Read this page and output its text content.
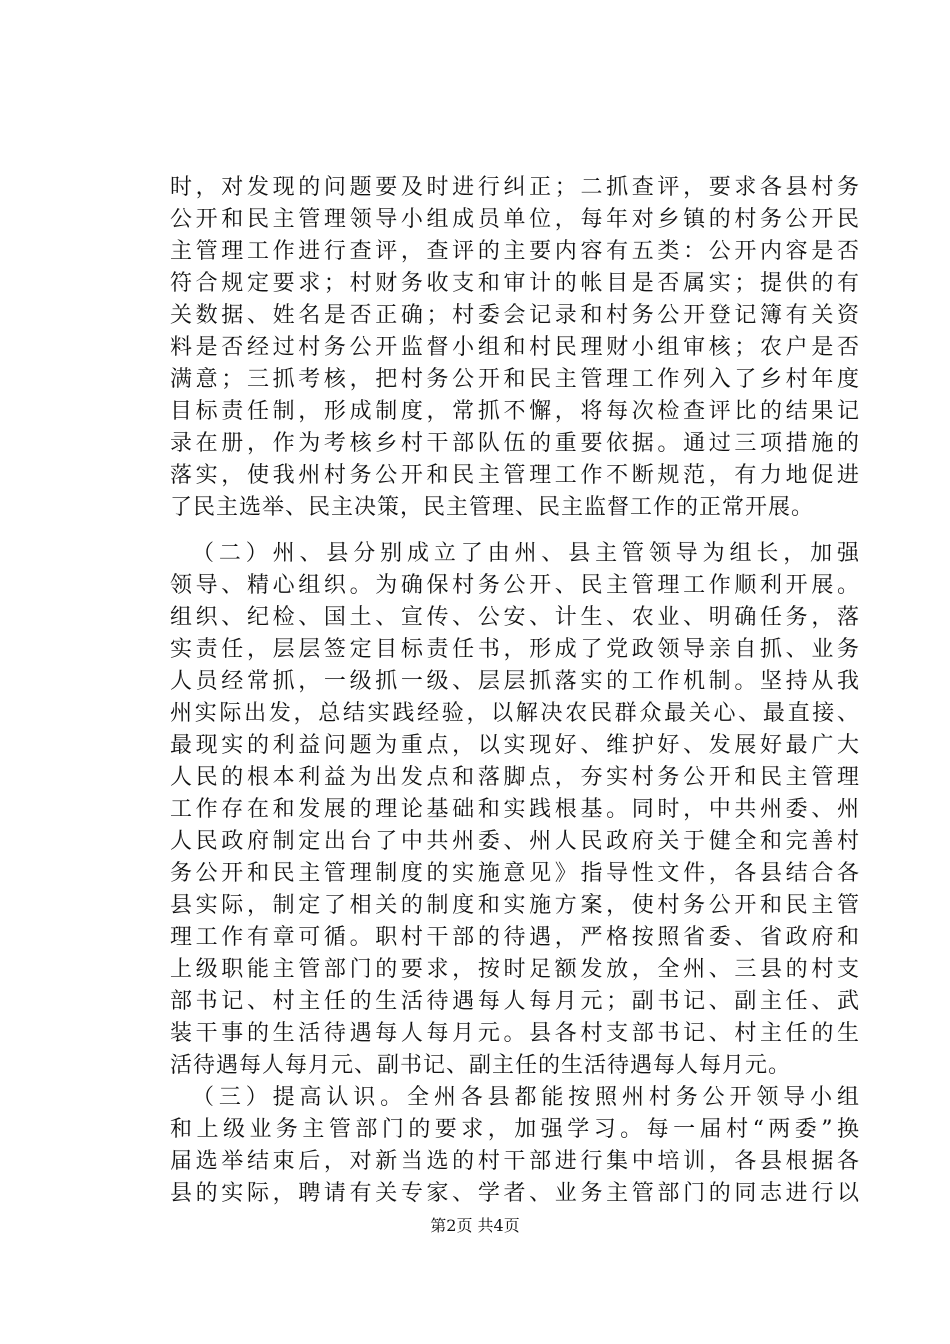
时，对发现的问题要及时进行纠正；二抓查评，要求各县村务
公开和民主管理领导小组成员单位，每年对乡镇的村务公开民
主管理工作进行查评，查评的主要内容有五类：公开内容是否
符合规定要求；村财务收支和审计的帐目是否属实；提供的有
关数据、姓名是否正确；村委会记录和村务公开登记簿有关资
料是否经过村务公开监督小组和村民理财小组审核；农户是否
满意；三抓考核，把村务公开和民主管理工作列入了乡村年度
目标责任制，形成制度，常抓不懈，将每次检查评比的结果记
录在册，作为考核乡村干部队伍的重要依据。通过三项措施的
落实，使我州村务公开和民主管理工作不断规范，有力地促进
了民主选举、民主决策，民主管理、民主监督工作的正常开展。
（二）州、县分别成立了由州、县主管领导为组长，加强
领导、精心组织。为确保村务公开、民主管理工作顺利开展。
组织、纪检、国土、宣传、公安、计生、农业、明确任务，落
实责任，层层签定目标责任书，形成了党政领导亲自抓、业务
人员经常抓，一级抓一级、层层抓落实的工作机制。坚持从我
州实际出发，总结实践经验，以解决农民群众最关心、最直接、
最现实的利益问题为重点，以实现好、维护好、发展好最广大
人民的根本利益为出发点和落脚点，夯实村务公开和民主管理
工作存在和发展的理论基础和实践根基。同时，中共州委、州
人民政府制定出台了中共州委、州人民政府关于健全和完善村
务公开和民主管理制度的实施意见》指导性文件，各县结合各
县实际，制定了相关的制度和实施方案，使村务公开和民主管
理工作有章可循。职村干部的待遇，严格按照省委、省政府和
上级职能主管部门的要求，按时足额发放，全州、三县的村支
部书记、村主任的生活待遇每人每月元；副书记、副主任、武
装干事的生活待遇每人每月元。县各村支部书记、村主任的生
活待遇每人每月元、副书记、副主任的生活待遇每人每月元。
（三）提高认识。全州各县都能按照州村务公开领导小组
和上级业务主管部门的要求，加强学习。每一届村“两委”换
届选举结束后，对新当选的村干部进行集中培训，各县根据各
县的实际，聘请有关专家、学者、业务主管部门的同志进行以
第2页 共4页
